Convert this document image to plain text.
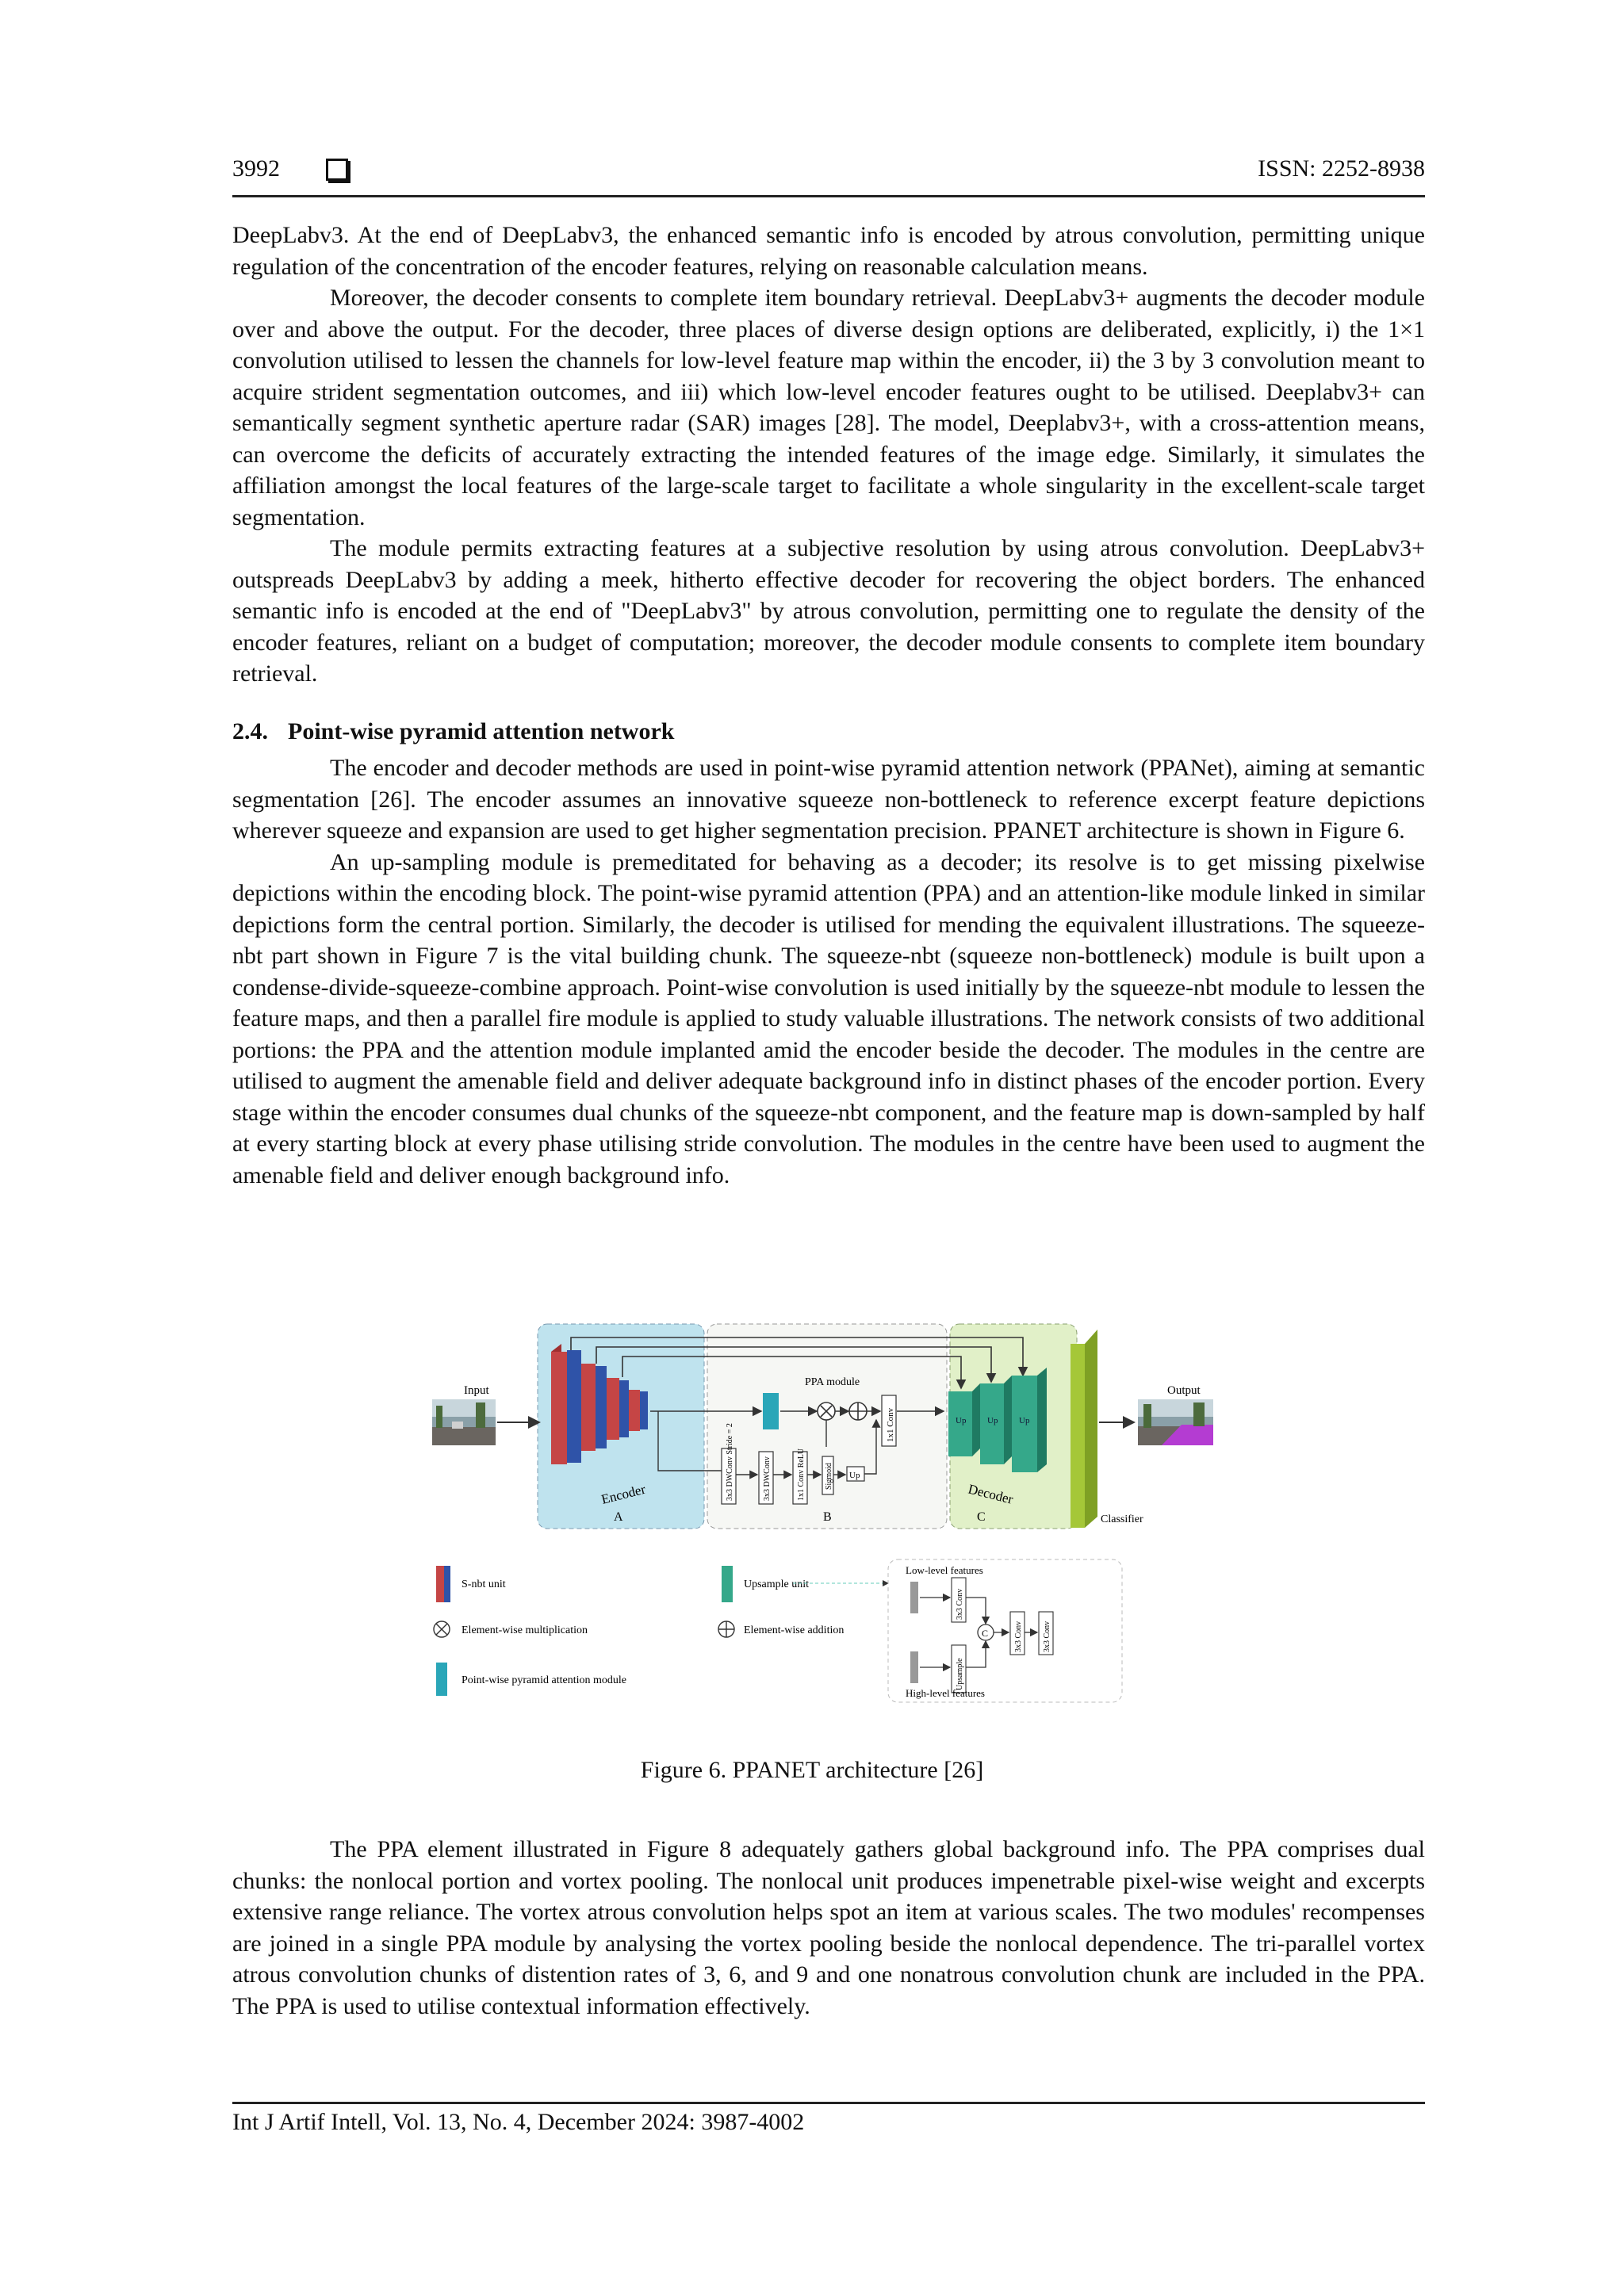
3992	ISSN: 2252-8938

DeepLabv3. At the end of DeepLabv3, the enhanced semantic info is encoded by atrous convolution, permitting unique regulation of the concentration of the encoder features, relying on reasonable calculation means.

Moreover, the decoder consents to complete item boundary retrieval. DeepLabv3+ augments the decoder module over and above the output. For the decoder, three places of diverse design options are deliberated, explicitly, i) the 1×1 convolution utilised to lessen the channels for low-level feature map within the encoder, ii) the 3 by 3 convolution meant to acquire strident segmentation outcomes, and iii) which low-level encoder features ought to be utilised. Deeplabv3+ can semantically segment synthetic aperture radar (SAR) images [28]. The model, Deeplabv3+, with a cross-attention means, can overcome the deficits of accurately extracting the intended features of the image edge. Similarly, it simulates the affiliation amongst the local features of the large-scale target to facilitate a whole singularity in the excellent-scale target segmentation.

The module permits extracting features at a subjective resolution by using atrous convolution. DeepLabv3+ outspreads DeepLabv3 by adding a meek, hitherto effective decoder for recovering the object borders. The enhanced semantic info is encoded at the end of "DeepLabv3" by atrous convolution, permitting one to regulate the density of the encoder features, reliant on a budget of computation; moreover, the decoder module consents to complete item boundary retrieval.

2.4. Point-wise pyramid attention network

The encoder and decoder methods are used in point-wise pyramid attention network (PPANet), aiming at semantic segmentation [26]. The encoder assumes an innovative squeeze non-bottleneck to reference excerpt feature depictions wherever squeeze and expansion are used to get higher segmentation precision. PPANET architecture is shown in Figure 6.

An up-sampling module is premeditated for behaving as a decoder; its resolve is to get missing pixelwise depictions within the encoding block. The point-wise pyramid attention (PPA) and an attention-like module linked in similar depictions form the central portion. Similarly, the decoder is utilised for mending the equivalent illustrations. The squeeze-nbt part shown in Figure 7 is the vital building chunk. The squeeze-nbt (squeeze non-bottleneck) module is built upon a condense-divide-squeeze-combine approach. Point-wise convolution is used initially by the squeeze-nbt module to lessen the feature maps, and then a parallel fire module is applied to study valuable illustrations. The network consists of two additional portions: the PPA and the attention module implanted amid the encoder beside the decoder. The modules in the centre are utilised to augment the amenable field and deliver adequate background info in distinct phases of the encoder portion. Every stage within the encoder consumes dual chunks of the squeeze-nbt component, and the feature map is down-sampled by half at every starting block at every phase utilising stride convolution. The modules in the centre have been used to augment the amenable field and deliver enough background info.

Input
Encoder
A
PPA module
1x1 Conv
3x3 DWConv Stride = 2	3x3 DWConv	1x1 Conv ReLU Sigmoid Up
B
Up Up Up
Decoder
C	Classifier
Output
S-nbt unit
Element-wise multiplication
Point-wise pyramid attention module
Upsample unit
Element-wise addition
Low-level features
3x3 Conv
Upsample
High-level features
C	3x3 Conv	3x3 Conv
Figure 6. PPANET architecture [26]

The PPA element illustrated in Figure 8 adequately gathers global background info. The PPA comprises dual chunks: the nonlocal portion and vortex pooling. The nonlocal unit produces impenetrable pixel-wise weight and excerpts extensive range reliance. The vortex atrous convolution helps spot an item at various scales. The two modules' recompenses are joined in a single PPA module by analysing the vortex pooling beside the nonlocal dependence. The tri-parallel vortex atrous convolution chunks of distention rates of 3, 6, and 9 and one nonatrous convolution chunk are included in the PPA. The PPA is used to utilise contextual information effectively.

Int J Artif Intell, Vol. 13, No. 4, December 2024: 3987-4002
